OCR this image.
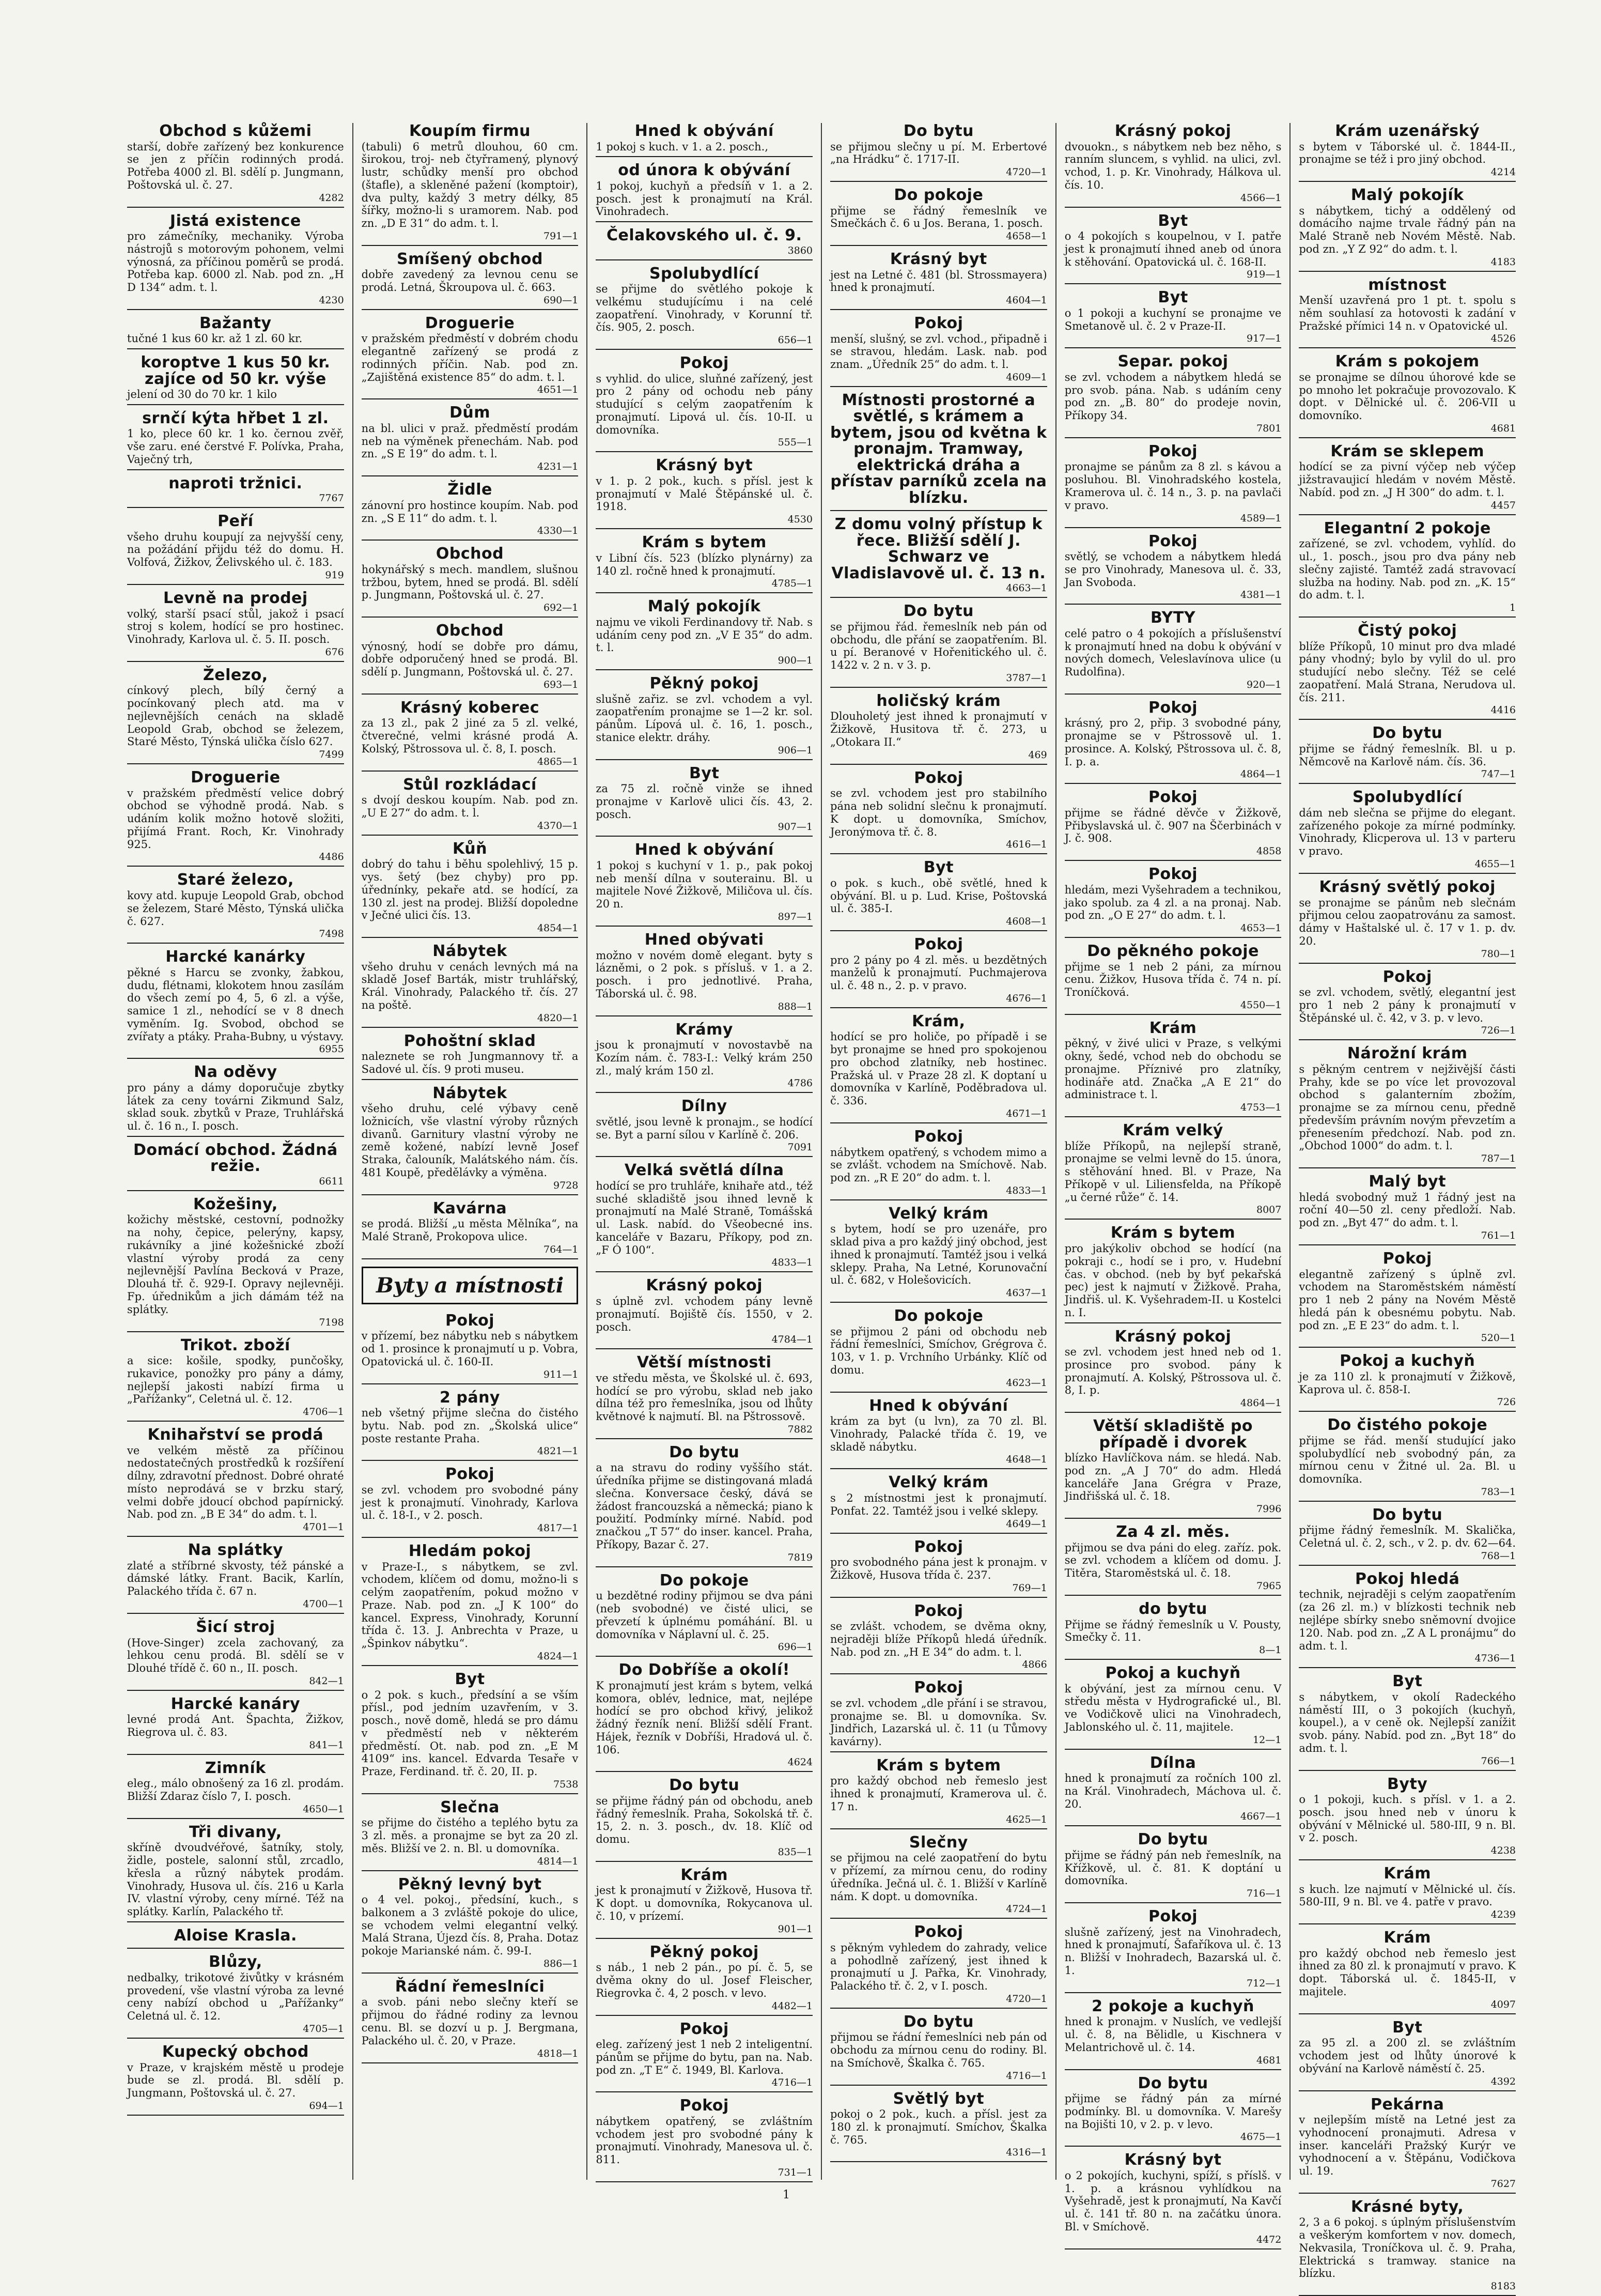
Obchod s kůžemi

starší, dobře zařízený bez konkurence se jen z příčin rodinných prodá. Potřeba 4000 zl. Bl. sdělí p. Jungmann, Poštovská ul. č. 27.

4282
Jistá existence

pro zámečníky, mechaniky. Výroba nástrojů s motorovým pohonem, velmi výnosná, za příčinou poměrů se prodá. Potřeba kap. 6000 zl. Nab. pod zn. „H D 134“ adm. t. l.

4230
Bažanty

tučné 1 kus 60 kr. až 1 zl. 60 kr.

koroptve 1 kus 50 kr. zajíce od 50 kr. výše

jelení od 30 do 70 kr. 1 kilo

srnčí kýta hřbet 1 zl.

1 ko, plece 60 kr. 1 ko. černou zvěř, vše zaru. ené čerstvé F. Polívka, Praha, Vaječný trh,

naproti tržnici.
7767
Peří

všeho druhu koupují za nejvyšší ceny, na požádání přijdu též do domu. H. Volfová, Žižkov, Želivského ul. č. 183.

919
Levně na prodej

volký, starší psací stůl, jakož i psací stroj s kolem, hodící se pro hostinec. Vinohrady, Karlova ul. č. 5. II. posch.

676
Železo,

cínkový plech, bílý černý a pocínkovaný plech atd. ma v nejlevnějších cenách na skladě Leopold Grab, obchod se železem, Staré Město, Týnská ulička číslo 627.

7499
Droguerie

v pražském předměstí velice dobrý obchod se výhodně prodá. Nab. s udáním kolik možno hotově složiti, přijímá Frant. Roch, Kr. Vinohrady 925.

4486
Staré železo,

kovy atd. kupuje Leopold Grab, obchod se železem, Staré Město, Týnská ulička č. 627.

7498
Harcké kanárky

pěkné s Harcu se zvonky, žabkou, dudu, flétnami, klokotem hnou zasílám do všech zemí po 4, 5, 6 zl. a výše, samice 1 zl., nehodící se v 8 dnech vyměním. Ig. Svobod, obchod se zvířaty a ptáky. Praha-Bubny, u výstavy.

6955
Na oděvy

pro pány a dámy doporučuje zbytky látek za ceny továrni Zikmund Salz, sklad souk. zbytků v Praze, Truhlářská ul. č. 16 n., I. posch.

Domácí obchod. Žádná režie.
6611
Kožešiny,

kožichy městské, cestovní, podnožky na nohy, čepice, pelerýny, kapsy, rukávníky a jiné kožešnické zboží vlastní výroby prodá za ceny nejlevnější Pavlína Becková v Praze, Dlouhá tř. č. 929-I. Opravy nejlevněji. Fp. úřednikům a jich dámám též na splátky.

7198
Trikot. zboží

a sice: košile, spodky, punčošky, rukavice, ponožky pro pány a dámy, nejlepší jakosti nabízí firma u „Pařížanky“, Celetná ul. č. 12.

4706—1
Knihařství se prodá

ve velkém městě za příčinou nedostatečných prostředků k rozšíření dílny, zdravotní přednost. Dobré ohraté místo neprodává se v brzku starý, velmi dobře jdoucí obchod papírnický. Nab. pod zn. „B E 34“ do adm. t. l.

4701—1
Na splátky

zlaté a stříbrné skvosty, též pánské a dámské látky. Frant. Bacik, Karlín, Palackého třída č. 67 n.

4700—1
Šicí stroj

(Hove-Singer) zcela zachovaný, za lehkou cenu prodá. Bl. sdělí se v Dlouhé třídě č. 60 n., II. posch.

842—1
Harcké kanáry

levné prodá Ant. Špachta, Žižkov, Riegrova ul. č. 83.

841—1
Zimník

eleg., málo obnošený za 16 zl. prodám. Bližší Zdaraz číslo 7, I. posch.

4650—1
Tři divany,

skříně dvoudvéřové, šatníky, stoly, židle, postele, salonní stůl, zrcadlo, křesla a různý nábytek prodám. Vinohrady, Husova ul. čís. 216 u Karla IV. vlastní výroby, ceny mírné. Též na splátky. Karlín, Palackého tř.

Aloise Krasla.
Blůzy,

nedbalky, trikotové živůtky v krásném provedení, vše vlastní výroba za levné ceny nabízí obchod u „Pařížanky“ Celetná ul. č. 12.

4705—1
Kupecký obchod

v Praze, v krajském městě u prodeje bude se zl. prodá. Bl. sdělí p. Jungmann, Poštovská ul. č. 27.

694—1
Koupím firmu

(tabuli) 6 metrů dlouhou, 60 cm. širokou, troj- neb čtyřramený, plynový lustr, schůdky menší pro obchod (štafle), a skleněné pažení (komptoir), dva pulty, každý 3 metry délky, 85 šířky, možno-li s uramorem. Nab. pod zn. „D E 31“ do adm. t. l.

791—1
Smíšený obchod

dobře zavedený za levnou cenu se prodá. Letná, Škroupova ul. č. 663.

690—1
Droguerie

v pražském předměstí v dobrém chodu elegantně zařízený se prodá z rodinných příčin. Nab. pod zn. „Zajištěná existence 85“ do adm. t. l.

4651—1
Dům

na bl. ulici v praž. předměstí prodám neb na výměnek přenechám. Nab. pod zn. „S E 19“ do adm. t. l.

4231—1
Židle

zánovní pro hostince koupím. Nab. pod zn. „S E 11“ do adm. t. l.

4330—1
Obchod

hokynářský s mech. mandlem, slušnou tržbou, bytem, hned se prodá. Bl. sdělí p. Jungmann, Poštovská ul. č. 27.

692—1
Obchod

výnosný, hodí se dobře pro dámu, dobře odporučený hned se prodá. Bl. sdělí p. Jungmann, Poštovská ul. č. 27.

693—1
Krásný koberec

za 13 zl., pak 2 jiné za 5 zl. velké, čtverečné, velmi krásné prodá A. Kolský, Pštrossova ul. č. 8, I. posch.

4865—1
Stůl rozkládací

s dvojí deskou koupím. Nab. pod zn. „U E 27“ do adm. t. l.

4370—1
Kůň

dobrý do tahu i běhu spolehlivý, 15 p. vys. šetý (bez chyby) pro pp. úřednínky, pekaře atd. se hodící, za 130 zl. jest na prodej. Bližší dopoledne v Ječné ulici čís. 13.

4854—1
Nábytek

všeho druhu v cenách levných má na skladě Josef Barták, mistr truhlářský, Král. Vinohrady, Palackého tř. čís. 27 na poště.

4820—1
Pohoštní sklad

naleznete se roh Jungmannovy tř. a Sadové ul. čís. 9 proti museu.

Nábytek

všeho druhu, celé výbavy ceně ložnicích, vše vlastní výroby různých divanů. Garnitury vlastní výroby ne země kožené, nabízí levně Josef Straka, čalouník, Malátského nám. čís. 481 Koupě, předělávky a výměna.

9728
Kavárna

se prodá. Bližší „u města Mělníka“, na Malé Straně, Prokopova ulice.

764—1
Byty a místnosti
Pokoj

v přízemí, bez nábytku neb s nábytkem od 1. prosince k pronajmutí u p. Vobra, Opatovická ul. č. 160-II.

911—1
2 pány

neb všetný přijme slečna do čistého bytu. Nab. pod zn. „Školská ulice“ poste restante Praha.

4821—1
Pokoj

se zvl. vchodem pro svobodné pány jest k pronajmutí. Vinohrady, Karlova ul. č. 18-I., v 2. posch.

4817—1
Hledám pokoj

v Praze-I., s nábytkem, se zvl. vchodem, klíčem od domu, možno-li s celým zaopatřením, pokud možno v Praze. Nab. pod zn. „J K 100“ do kancel. Express, Vinohrady, Korunní třída č. 13. J. Anbrechta v Praze, u „Špinkov nábytku“.

4824—1
Byt

o 2 pok. s kuch., předsíní a se vším přísl., pod jedním uzavřením, v 3. posch., nově domě, hledá se pro dámu v předměstí neb v některém předměstí. Ot. nab. pod zn. „E M 4109“ ins. kancel. Edvarda Tesaře v Praze, Ferdinand. tř. č. 20, II. p.

7538
Slečna

se přijme do čistého a teplého bytu za 3 zl. měs. a pronajme se byt za 20 zl. měs. Bližší ve 2. n. Bl. u domovníka.

4814—1
Pěkný levný byt

o 4 vel. pokoj., předsíní, kuch., s balkonem a 3 zvláště pokoje do ulice, se vchodem velmi elegantní velký. Malá Strana, Újezd čís. 8, Praha. Dotaz pokoje Marianské nám. č. 99-I.

886—1
Řádní řemeslníci

a svob. páni nebo slečny kteří se přijmou do řádné rodiny za levnou cenu. Bl. se dozví u p. J. Bergmana, Palackého ul. č. 20, v Praze.

4818—1
Hned k obývání

1 pokoj s kuch. v 1. a 2. posch.,

od února k obývání

1 pokoj, kuchyň a předsíň v 1. a 2. posch. jest k pronajmutí na Král. Vinohradech.

Čelakovského ul. č. 9.
3860
Spolubydlící

se přijme do světlého pokoje k velkému studujícímu i na celé zaopatření. Vinohrady, v Korunní tř. čís. 905, 2. posch.

656—1
Pokoj

s vyhlid. do ulice, sluňné zařízený, jest pro 2 pány od ochodu neb pány studující s celým zaopatřením k pronajmutí. Lipová ul. čís. 10-II. u domovníka.

555—1
Krásný byt

v 1. p. 2 pok., kuch. s přísl. jest k pronajmutí v Malé Štěpánské ul. č. 1918.

4530
Krám s bytem

v Libní čís. 523 (blízko plynárny) za 140 zl. ročně hned k pronajmutí.

4785—1
Malý pokojík

najmu ve vikoli Ferdinandovy tř. Nab. s udáním ceny pod zn. „V E 35“ do adm. t. l.

900—1
Pěkný pokoj

slušně zařiz. se zvl. vchodem a vyl. zaopatřením pronajme se 1—2 kr. sol. pánům. Lípová ul. č. 16, 1. posch., stanice elektr. dráhy.

906—1
Byt

za 75 zl. ročně vinže se ihned pronajme v Karlově ulici čís. 43, 2. posch.

907—1
Hned k obývání

1 pokoj s kuchyní v 1. p., pak pokoj neb menší dílna v souterainu. Bl. u majitele Nové Žižkově, Miličova ul. čís. 20 n.

897—1
Hned obývati

možno v novém domě elegant. byty s lázněmi, o 2 pok. s přísluš. v 1. a 2. posch. i pro jednotlivé. Praha, Táborská ul. č. 98.

888—1
Krámy

jsou k pronajmutí v novostavbě na Kozím nám. č. 783-I.: Velký krám 250 zl., malý krám 150 zl.

4786
Dílny

světlé, jsou levně k pronajm., se hodící se. Byt a parní sílou v Karlíně č. 206.

7091
Velká světlá dílna

hodící se pro truhláře, knihaře atd., též suché skladiště jsou ihned levně k pronajmutí na Malé Straně, Tomášská ul. Lask. nabíd. do Všeobecné ins. kanceláře v Bazaru, Příkopy, pod zn. „F Ó 100“.

4833—1
Krásný pokoj

s úplně zvl. vchodem pány levně pronajmutí. Bojiště čís. 1550, v 2. posch.

4784—1
Větší místnosti

ve středu města, ve Školské ul. č. 693, hodící se pro výrobu, sklad neb jako dílna též pro řemeslníka, jsou od lhůty květnové k najmutí. Bl. na Pštrossově.

7882
Do bytu

a na stravu do rodiny vyššího stát. úředníka přijme se distingovaná mladá slečna. Konversace český, dává se žádost francouzská a německá; piano k použití. Podmínky mírné. Nabíd. pod značkou „T 57“ do inser. kancel. Praha, Příkopy, Bazar č. 27.

7819
Do pokoje

u bezdětné rodiny přijmou se dva páni (neb svobodné) ve čisté ulici, se převzetí k úplnému pomáhání. Bl. u domovníka v Náplavní ul. č. 25.

696—1
Do Dobříše a okolí!

K pronajmutí jest krám s bytem, velká komora, oblév, lednice, mat, nejlépe hodící se pro obchod křivý, jelikož žádný řezník není. Bližší sdělí Frant. Hájek, řezník v Dobříši, Hradová ul. č. 106.

4624
Do bytu

se přijme řádný pán od obchodu, aneb řádný řemeslník. Praha, Sokolská tř. č. 15, 2. n. 3. posch., dv. 18. Klíč od domu.

835—1
Krám

jest k pronajmutí v Žižkově, Husova tř. K dopt. u domovníka, Rokycanova ul. č. 10, v prízemí.

901—1
Pěkný pokoj

s náb., 1 neb 2 pán., po pí. č. 5, se dvěma okny do ul. Josef Fleischer, Riegrovka č. 4, 2 posch. v levo.

4482—1
Pokoj

eleg. zařízený jest 1 neb 2 inteligentní. pánům se přijme do bytu, pan na. Nab. pod zn. „T E“ č. 1949, Bl. Karlova.

4716—1
Pokoj

nábytkem opatřený, se zvláštním vchodem jest pro svobodné pány k pronajmutí. Vinohrady, Manesova ul. č. 811.

731—1
Do bytu

se přijmou slečny u pí. M. Erbertové „na Hrádku“ č. 1717-II.

4720—1
Do pokoje

přijme se řádný řemeslník ve Smečkách č. 6 u Jos. Berana, 1. posch.

4658—1
Krásný byt

jest na Letné č. 481 (bl. Strossmayera) hned k pronajmutí.

4604—1
Pokoj

menší, slušný, se zvl. vchod., připadně i se stravou, hledám. Lask. nab. pod znam. „Úředník 25“ do adm. t. l.

4609—1
Místnosti prostorné a světlé, s krámem a bytem, jsou od května k pronajm. Tramway, elektrická dráha a přístav parníků zcela na blízku.
Z domu volný přístup k řece. Bližší sdělí J. Schwarz ve Vladislavově ul. č. 13 n.
4663—1
Do bytu

se přijmou řád. řemeslník neb pán od obchodu, dle přání se zaopatřením. Bl. u pí. Beranové v Hořenitického ul. č. 1422 v. 2 n. v 3. p.

3787—1
holičský krám

Dlouholetý jest ihned k pronajmutí v Žižkově, Husitova tř. č. 273, u „Otokara II.“

469
Pokoj

se zvl. vchodem jest pro stabilního pána neb solidní slečnu k pronajmutí. K dopt. u domovníka, Smíchov, Jeronýmova tř. č. 8.

4616—1
Byt

o pok. s kuch., obě světlé, hned k obývání. Bl. u p. Lud. Krise, Poštovská ul. č. 385-I.

4608—1
Pokoj

pro 2 pány po 4 zl. měs. u bezdětných manželů k pronajmutí. Puchmajerova ul. č. 48 n., 2. p. v pravo.

4676—1
Krám,

hodící se pro holiče, po případě i se byt pronajme se hned pro spokojenou pro obchod zlatníky, neb hostinec. Pražská ul. v Praze 28 zl. K doptaní u domovníka v Karlíně, Poděbradova ul. č. 336.

4671—1
Pokoj

nábytkem opatřený, s vchodem mimo a se zvlášt. vchodem na Smíchově. Nab. pod zn. „R E 20“ do adm. t. l.

4833—1
Velký krám

s bytem, hodí se pro uzenáře, pro sklad piva a pro každý jiný obchod, jest ihned k pronajmutí. Tamtéž jsou i velká sklepy. Praha, Na Letné, Korunovační ul. č. 682, v Holešovicích.

4637—1
Do pokoje

se přijmou 2 páni od obchodu neb řádní řemeslníci, Smíchov, Grégrova č. 103, v 1. p. Vrchního Urbánky. Klíč od domu.

4623—1
Hned k obývání

krám za byt (u lvn), za 70 zl. Bl. Vinohrady, Palacké třída č. 19, ve skladě nábytku.

4648—1
Velký krám

s 2 místnostmi jest k pronajmutí. Ponfat. 22. Tamtéž jsou i velké sklepy.

4649—1
Pokoj

pro svobodného pána jest k pronajm. v Žižkově, Husova třída č. 237.

769—1
Pokoj

se zvlášt. vchodem, se dvěma okny, nejraději blíže Příkopů hledá úředník. Nab. pod zn. „H E 34“ do adm. t. l.

4866
Pokoj

se zvl. vchodem „dle přání i se stravou, pronajme se. Bl. u domovníka. Sv. Jindřich, Lazarská ul. č. 11 (u Tůmovy kavárny).

Krám s bytem

pro každý obchod neb řemeslo jest ihned k pronajmutí, Kramerova ul. č. 17 n.

4625—1
Slečny

se přijmou na celé zaopatření do bytu v přízemí, za mírnou cenu, do rodiny úředníka. Ječná ul. č. 1. Bližší v Karlíně nám. K dopt. u domovníka.

4724—1
Pokoj

s pěkným vyhledem do zahrady, velice a pohodlně zařízený, jest ihned k pronajmutí u J. Pařka, Kr. Vinohrady, Palackého tř. č. 2, v I. posch.

4720—1
Do bytu

přijmou se řádní řemeslníci neb pán od obchodu za mírnou cenu do rodiny. Bl. na Smíchově, Škalka č. 765.

4716—1
Světlý byt

pokoj o 2 pok., kuch. a přísl. jest za 180 zl. k pronajmutí. Smíchov, Škalka č. 765.

4316—1
Krásný pokoj

dvouokn., s nábytkem neb bez něho, s ranním sluncem, s vyhlid. na ulici, zvl. vchod, 1. p. Kr. Vinohrady, Hálkova ul. čís. 10.

4566—1
Byt

o 4 pokojích s koupelnou, v I. patře jest k pronajmutí ihned aneb od února k stěhování. Opatovická ul. č. 168-II.

919—1
Byt

o 1 pokoji a kuchyní se pronajme ve Smetanově ul. č. 2 v Praze-II.

917—1
Separ. pokoj

se zvl. vchodem a nábytkem hledá se pro svob. pána. Nab. s udáním ceny pod zn. „B. 80“ do prodeje novin, Příkopy 34.

7801
Pokoj

pronajme se pánům za 8 zl. s kávou a posluhou. Bl. Vinohradského kostela, Kramerova ul. č. 14 n., 3. p. na pavlači v pravo.

4589—1
Pokoj

světlý, se vchodem a nábytkem hledá se pro Vinohrady, Manesova ul. č. 33, Jan Svoboda.

4381—1
BYTY

celé patro o 4 pokojích a příslušenství k pronajmutí hned na dobu k obývání v nových domech, Veleslavínova ulice (u Rudolfina).

920—1
Pokoj

krásný, pro 2, přip. 3 svobodné pány, pronajme se v Pštrossově ul. 1. prosince. A. Kolský, Pštrossova ul. č. 8, I. p. a.

4864—1
Pokoj

přijme se řádné děvče v Žižkově, Přibyslavská ul. č. 907 na Ščerbinách v J. č. 908.

4858
Pokoj

hledám, mezi Vyšehradem a technikou, jako spolub. za 4 zl. a na pronaj. Nab. pod zn. „O E 27“ do adm. t. l.

4653—1
Do pěkného pokoje

přijme se 1 neb 2 páni, za mírnou cenu. Žižkov, Husova třída č. 74 n. pí. Troníčková.

4550—1
Krám

pěkný, v živé ulici v Praze, s velkými okny, šedé, vchod neb do obchodu se pronajme. Příznivé pro zlatníky, hodináře atd. Značka „A E 21“ do administrace t. l.

4753—1
Krám velký

blíže Příkopů, na nejlepší straně, pronajme se velmi levně do 15. února, s stěhování hned. Bl. v Praze, Na Příkopě v ul. Liliensfelda, na Příkopě „u černé růže“ č. 14.

8007
Krám s bytem

pro jakýkoliv obchod se hodící (na pokraji c., hodí se i pro, v. Hudební čas. v obchod. (neb by byť pekařská pec) jest k najmutí v Žižkově. Praha, Jindřiš. ul. K. Vyšehradem-II. u Kostelci n. I.

Krásný pokoj

se zvl. vchodem jest hned neb od 1. prosince pro svobod. pány k pronajmutí. A. Kolský, Pštrossova ul. č. 8, I. p.

4864—1
Větší skladiště po případě i dvorek

blízko Havlíčkova nám. se hledá. Nab. pod zn. „A J 70“ do adm. Hledá kanceláře Jana Grégra v Praze, Jindřišská ul. č. 18.

7996
Za 4 zl. měs.

přijmou se dva páni do eleg. zaříz. pok. se zvl. vchodem a klíčem od domu. J. Titěra, Staroměstská ul. č. 18.

7965
do bytu

Přijme se řádný řemeslník u V. Pousty, Smečky č. 11.

8—1
Pokoj a kuchyň

k obývání, jest za mírnou cenu. V středu města v Hydrografické ul., Bl. ve Vodičkově ulici na Vinohradech, Jablonského ul. č. 11, majitele.

12—1
Dílna

hned k pronajmutí za ročních 100 zl. na Král. Vinohradech, Máchova ul. č. 20.

4667—1
Do bytu

přijme se řádný pán neb řemeslník, na Křížkově, ul. č. 81. K doptání u domovníka.

716—1
Pokoj

slušně zařízený, jest na Vinohradech, hned k pronajmutí, Šafaříkova ul. č. 13 n. Bližší v Inohradech, Bazarská ul. č. 1.

712—1
2 pokoje a kuchyň

hned k pronajm. v Nuslích, ve vedlejší ul. č. 8, na Bělidle, u Kischnera v Melantrichově ul. č. 14.

4681
Do bytu

přijme se řádný pán za mírné podmínky. Bl. u domovníka. V. Marešy na Bojišti 10, v 2. p. v levo.

4675—1
Krásný byt

o 2 pokojích, kuchyni, spíží, s příslš. v 1. p. a krásnou vyhlídkou na Vyšehradě, jest k pronajmutí, Na Kavčí ul. č. 141 tř. 80 n. na začátku února. Bl. v Smíchově.

4472
Krám uzenářský

s bytem v Táborské ul. č. 1844-II., pronajme se též i pro jiný obchod.

4214
Malý pokojík

s nábytkem, tichý a oddělený od domácího najme trvale řádný pán na Malé Straně neb Novém Městě. Nab. pod zn. „Y Z 92“ do adm. t. l.

4183
místnost

Menší uzavřená pro 1 pt. t. spolu s něm souhlasí za hotovosti k zadání v Pražské přímici 14 n. v Opatovické ul.

4526
Krám s pokojem

se pronajme se dílnou úhorové kde se po mnoho let pokračuje provozovalo. K dopt. v Dělnické ul. č. 206-VII u domovníko.

4681
Krám se sklepem

hodící se za pivní výčep neb výčep jižstravaujicí hledám v novém Městě. Nabíd. pod zn. „J H 300“ do adm. t. l.

4457
Elegantní 2 pokoje

zařízené, se zvl. vchodem, vyhlíd. do ul., 1. posch., jsou pro dva pány neb slečny zajisté. Tamtéž zadá stravovací služba na hodiny. Nab. pod zn. „K. 15“ do adm. t. l.

1
Čistý pokoj

blíže Příkopů, 10 minut pro dva mladé pány vhodný; bylo by vylil do ul. pro studující nebo slečny. Též se celé zaopatření. Malá Strana, Nerudova ul. čís. 211.

4416
Do bytu

přijme se řádný řemeslník. Bl. u p. Němcově na Karlově nám. čís. 36.

747—1
Spolubydlící

dám neb slečna se přijme do elegant. zařízeného pokoje za mírné podmínky. Vinohrady, Klicperova ul. 13 v parteru v pravo.

4655—1
Krásný světlý pokoj

se pronajme se pánům neb slečnám přijmou celou zaopatrovánu za samost. dámy v Haštalské ul. č. 17 v 1. p. dv. 20.

780—1
Pokoj

se zvl. vchodem, světlý, elegantní jest pro 1 neb 2 pány k pronajmutí v Štěpánské ul. č. 42, v 3. p. v levo.

726—1
Nárožní krám

s pěkným centrem v nejživější části Prahy, kde se po více let provozoval obchod s galanterním zbožím, pronajme se za mírnou cenu, předně především právním novým převzetím a přenesením předchozí. Nab. pod zn. „Obchod 1000“ do adm. t. l.

787—1
Malý byt

hledá svobodný muž 1 řádný jest na roční 40—50 zl. ceny předloží. Nab. pod zn. „Byt 47“ do adm. t. l.

761—1
Pokoj

elegantně zařízený s úplně zvl. vchodem na Staroměstském náměstí pro 1 neb 2 pány na Novém Městě hledá pán k obesnému pobytu. Nab. pod zn. „E E 23“ do adm. t. l.

520—1
Pokoj a kuchyň

je za 110 zl. k pronajmutí v Žižkově, Kaprova ul. č. 858-I.

726
Do čistého pokoje

přijme se řád. menší studující jako spolubydlící neb svobodný pán, za mírnou cenu v Žitné ul. 2a. Bl. u domovníka.

783—1
Do bytu

přijme řádný řemeslník. M. Skalička, Celetná ul. č. 2, sch., v 2. p. dv. 62—64.

768—1
Pokoj hledá

technik, nejraději s celým zaopatřením (za 26 zl. m.) v blízkosti technik neb nejlépe sbírky snebo sněmovní dvojice 120. Nab. pod zn. „Z A L pronájmu“ do adm. t. l.

4736—1
Byt

s nábytkem, v okolí Radeckého náměstí III, o 3 pokojích (kuchyň, koupel.), a v ceně ok. Nejlepší zanížit svob. pány. Nabíd. pod zn. „Byt 18“ do adm. t. l.

766—1
Byty

o 1 pokoji, kuch. s přísl. v 1. a 2. posch. jsou hned neb v únoru k obývání v Mělnické ul. 580-III, 9 n. Bl. v 2. posch.

4238
Krám

s kuch. lze najmutí v Mělnické ul. čís. 580-III, 9 n. Bl. ve 4. patře v pravo.

4239
Krám

pro každý obchod neb řemeslo jest ihned za 80 zl. k pronajmutí v pravo. K dopt. Táborská ul. č. 1845-II, v majitele.

4097
Byt

za 95 zl. a 200 zl. se zvláštním vchodem jest od lhůty únorové k obývání na Karlově náměstí č. 25.

4392
Pekárna

v nejlepším místě na Letné jest za vyhodnocení pronajmuti. Adresa v inser. kanceláři Pražský Kurýr ve vyhodnocení a v. Štěpánu, Vodičkova ul. 19.

7627
Krásné byty,

2, 3 a 6 pokoj. s úplným příslušenstvím a veškerým komfortem v nov. domech, Nekvasila, Troníčkova ul. č. 9. Praha, Elektrická s tramway. stanice na blízku.

8183
1
